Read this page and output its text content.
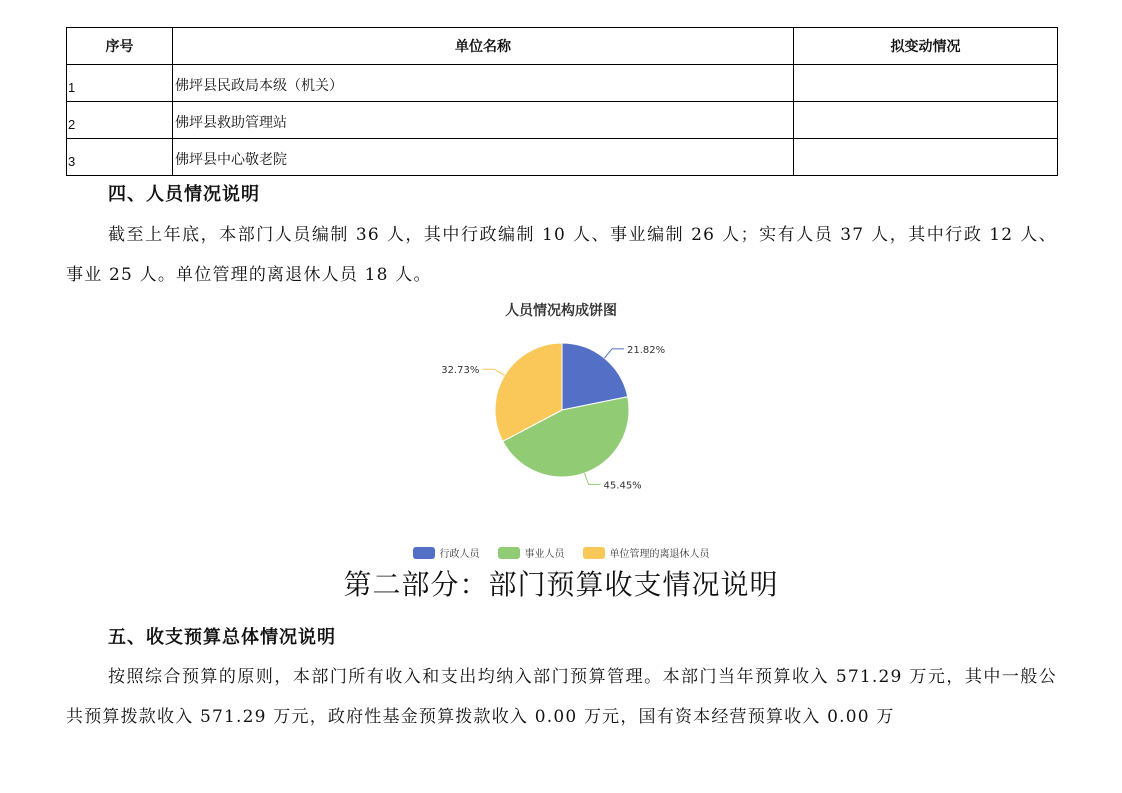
序号	单位名称	拟变动情况
1	佛坪县民政局本级（机关）	
2	佛坪县救助管理站	
3	佛坪县中心敬老院	
四、人员情况说明
截至上年底，本部门人员编制 36 人，其中行政编制 10 人、事业编制 26 人；实有人员 37 人，其中行政 12 人、事业 25 人。单位管理的离退休人员 18 人。
人员情况构成饼图
21.82%
45.45%
32.73%
行政人员	事业人员	单位管理的离退休人员
第二部分：部门预算收支情况说明
五、收支预算总体情况说明
按照综合预算的原则，本部门所有收入和支出均纳入部门预算管理。本部门当年预算收入 571.29 万元，其中一般公共预算拨款收入 571.29 万元，政府性基金预算拨款收入 0.00 万元，国有资本经营预算收入 0.00 万
